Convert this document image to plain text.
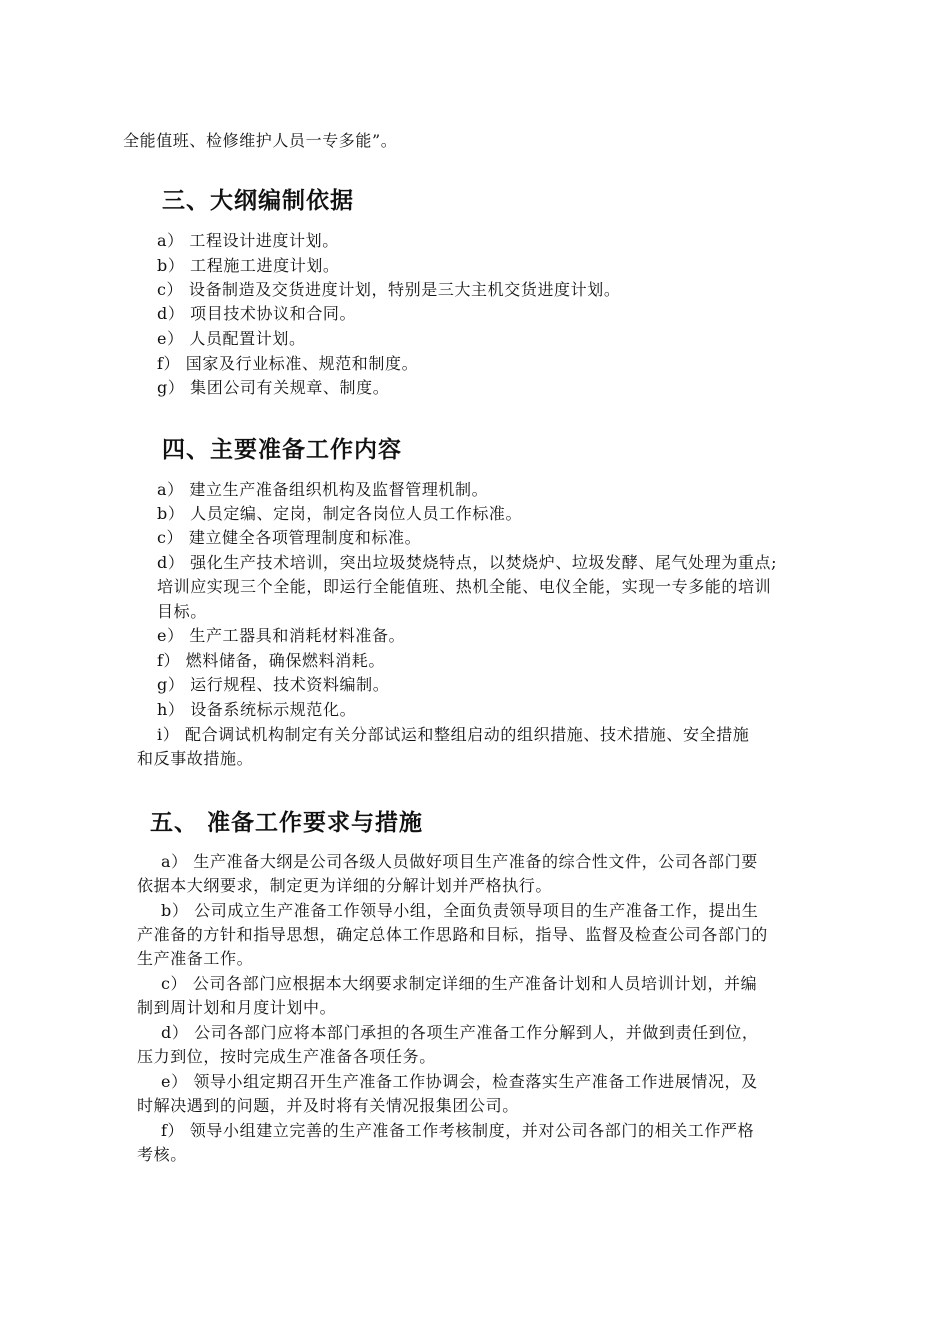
全能值班、检修维护人员一专多能”。
三、大纲编制依据
a） 工程设计进度计划。
b） 工程施工进度计划。
c） 设备制造及交货进度计划，特别是三大主机交货进度计划。
d） 项目技术协议和合同。
e） 人员配置计划。
f） 国家及行业标准、规范和制度。
g） 集团公司有关规章、制度。
四、主要准备工作内容
a） 建立生产准备组织机构及监督管理机制。
b） 人员定编、定岗，制定各岗位人员工作标准。
c） 建立健全各项管理制度和标准。
d） 强化生产技术培训，突出垃圾焚烧特点，以焚烧炉、垃圾发酵、尾气处理为重点;
培训应实现三个全能，即运行全能值班、热机全能、电仪全能，实现一专多能的培训
目标。
e） 生产工器具和消耗材料准备。
f） 燃料储备，确保燃料消耗。
g） 运行规程、技术资料编制。
h） 设备系统标示规范化。
i） 配合调试机构制定有关分部试运和整组启动的组织措施、技术措施、安全措施
和反事故措施。
五、 准备工作要求与措施
a） 生产准备大纲是公司各级人员做好项目生产准备的综合性文件，公司各部门要
依据本大纲要求，制定更为详细的分解计划并严格执行。
b） 公司成立生产准备工作领导小组，全面负责领导项目的生产准备工作，提出生
产准备的方针和指导思想，确定总体工作思路和目标，指导、监督及检查公司各部门的
生产准备工作。
c） 公司各部门应根据本大纲要求制定详细的生产准备计划和人员培训计划，并编
制到周计划和月度计划中。
d） 公司各部门应将本部门承担的各项生产准备工作分解到人，并做到责任到位，
压力到位，按时完成生产准备各项任务。
e） 领导小组定期召开生产准备工作协调会，检查落实生产准备工作进展情况，及
时解决遇到的问题，并及时将有关情况报集团公司。
f） 领导小组建立完善的生产准备工作考核制度，并对公司各部门的相关工作严格
考核。
